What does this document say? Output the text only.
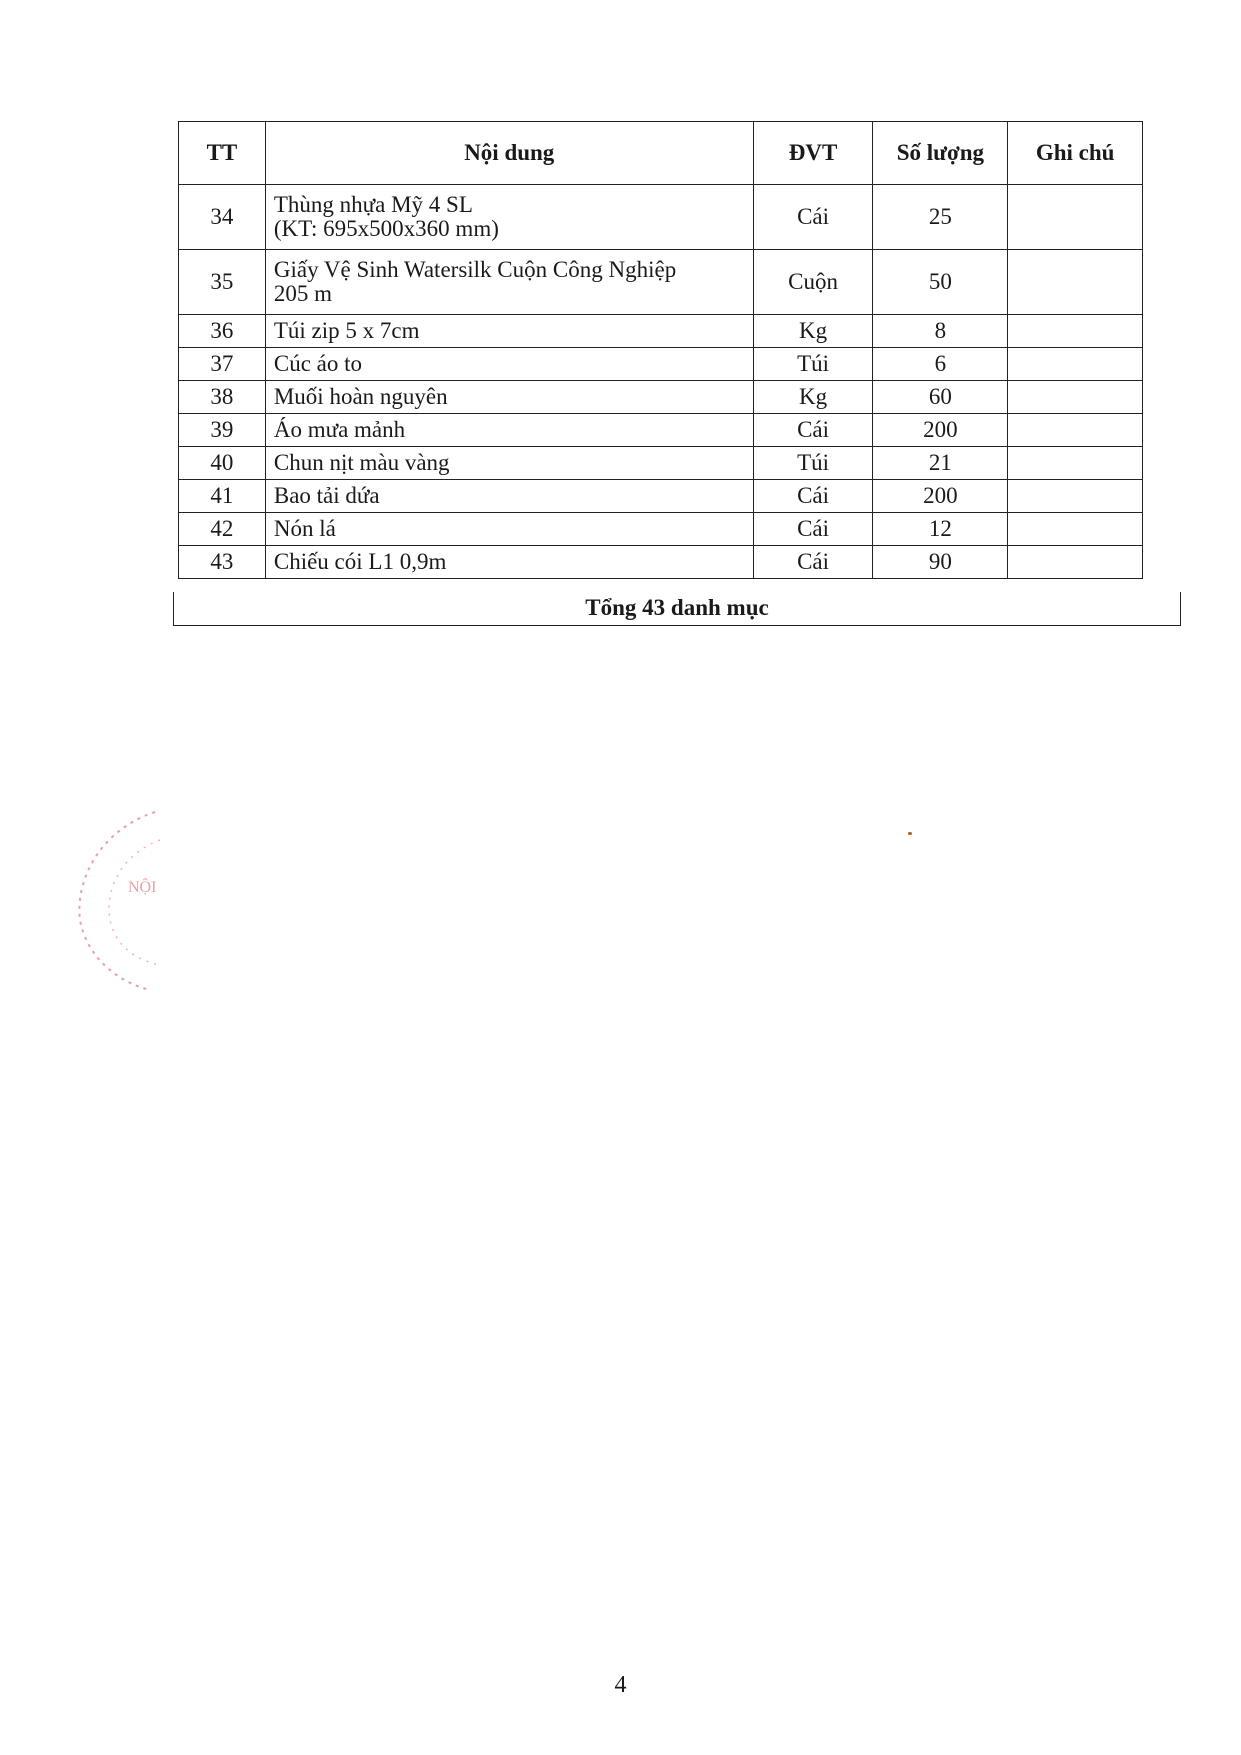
TT	Nội dung	ĐVT	Số lượng	Ghi chú
34	Thùng nhựa Mỹ 4 SL
(KT: 695x500x360 mm)	Cái	25	
35	Giấy Vệ Sinh Watersilk Cuộn Công Nghiệp
205 m	Cuộn	50	
36	Túi zip 5 x 7cm	Kg	8	
37	Cúc áo to	Túi	6	
38	Muối hoàn nguyên	Kg	60	
39	Áo mưa mảnh	Cái	200	
40	Chun nịt màu vàng	Túi	21	
41	Bao tải dứa	Cái	200	
42	Nón lá	Cái	12	
43	Chiếu cói L1 0,9m	Cái	90	
Tổng 43 danh mục
NỘI
4
